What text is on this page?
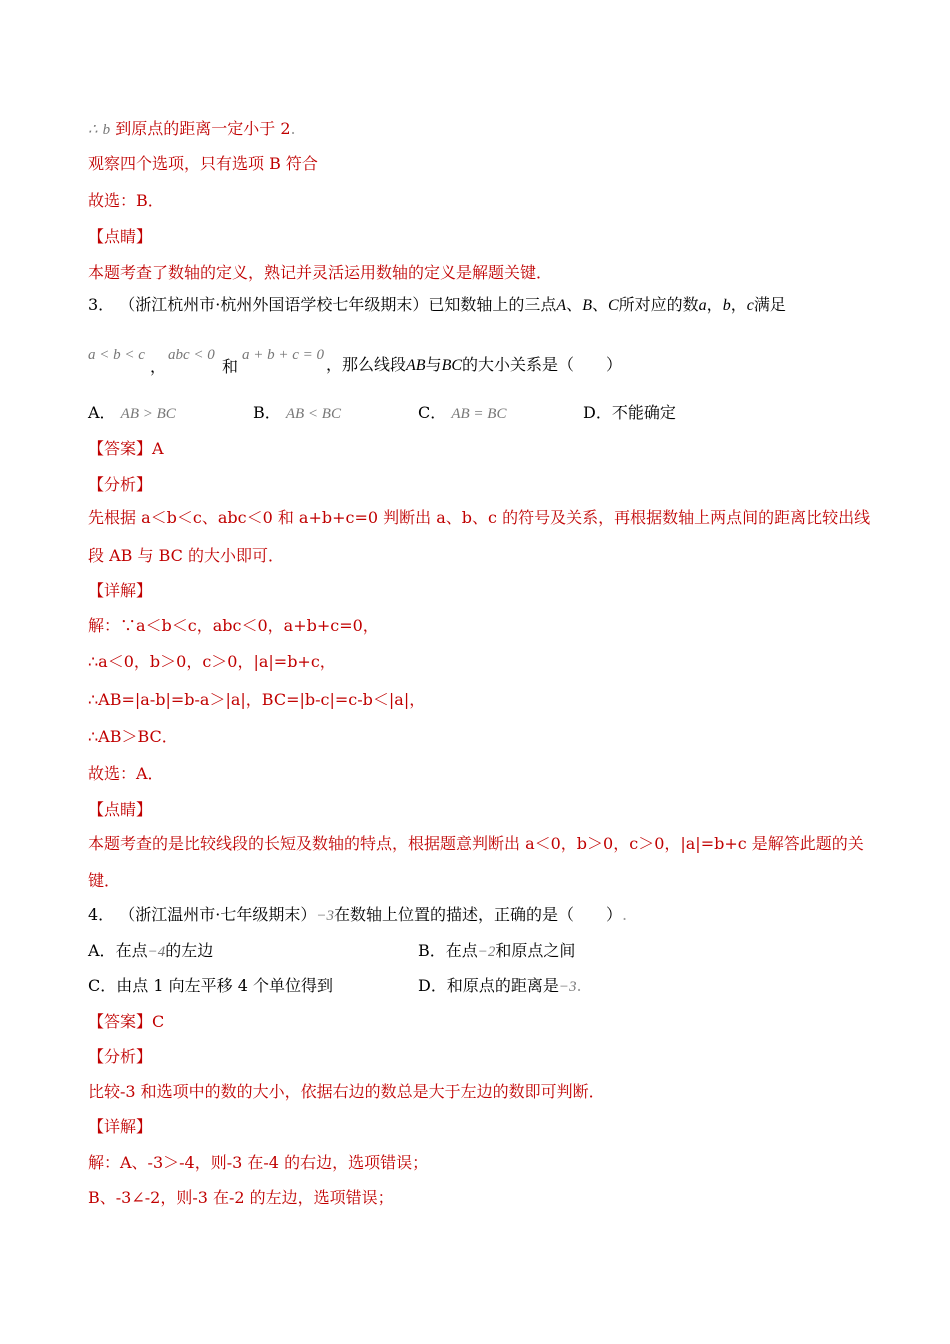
∴ b 到原点的距离一定小于 2.
观察四个选项，只有选项 B 符合
故选：B．
【点睛】
本题考查了数轴的定义，熟记并灵活运用数轴的定义是解题关键．
3． （浙江杭州市·杭州外国语学校七年级期末）已知数轴上的三点A、B、C所对应的数a，b，c满足
a < b < c
，
abc < 0
和
a + b + c = 0 ，那么线段AB与BC的大小关系是（　　）
A． AB > BC	B． AB < BC	C． AB = BC	D．不能确定
【答案】A
【分析】
先根据 a＜b＜c、abc＜0 和 a+b+c=0 判断出 a、b、c 的符号及关系，再根据数轴上两点间的距离比较出线
段 AB 与 BC 的大小即可．
【详解】
解：∵a＜b＜c，abc＜0，a+b+c=0，
∴a＜0，b＞0，c＞0，|a|=b+c，
∴AB=|a-b|=b-a＞|a|，BC=|b-c|=c-b＜|a|，
∴AB＞BC．
故选：A．
【点睛】
本题考查的是比较线段的长短及数轴的特点，根据题意判断出 a＜0，b＞0，c＞0，|a|=b+c 是解答此题的关
键．
4． （浙江温州市·七年级期末）−3在数轴上位置的描述，正确的是（　　）.
A．在点−4的左边	B．在点−2和原点之间
C．由点 1 向左平移 4 个单位得到	D．和原点的距离是−3.
【答案】C
【分析】
比较-3 和选项中的数的大小，依据右边的数总是大于左边的数即可判断．
【详解】
解：A、-3＞-4，则-3 在-4 的右边，选项错误；
B、-3∠-2，则-3 在-2 的左边，选项错误；
